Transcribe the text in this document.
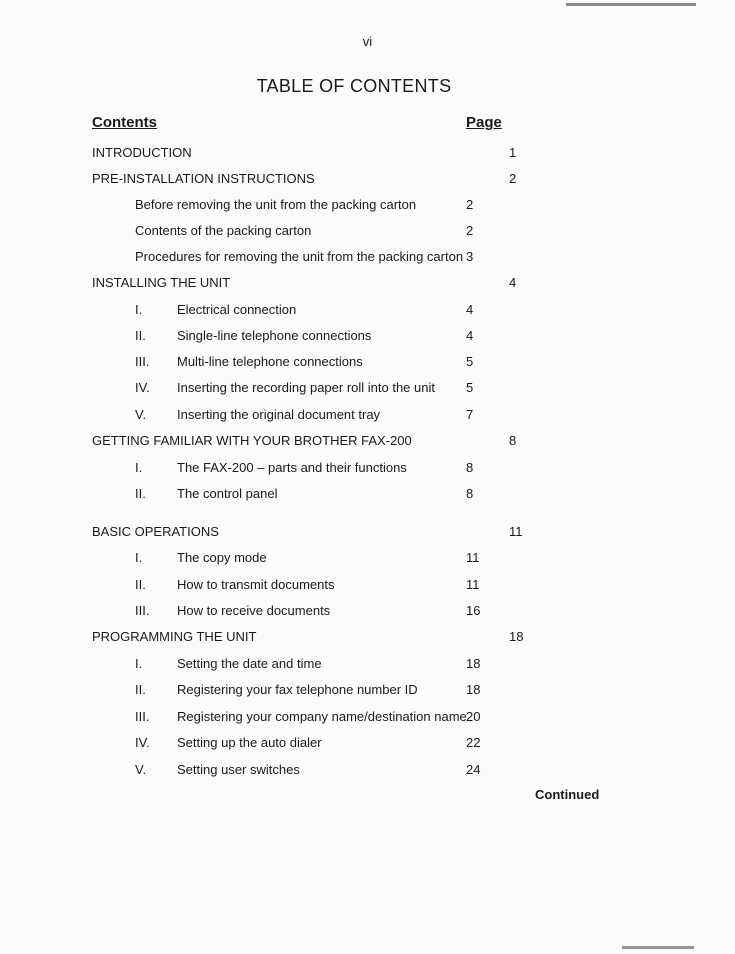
vi
TABLE OF CONTENTS
Contents	Page
INTRODUCTION	1
PRE-INSTALLATION INSTRUCTIONS	2
Before removing the unit from the packing carton	2
Contents of the packing carton	2
Procedures for removing the unit from the packing carton 3
INSTALLING THE UNIT	4
I.	Electrical connection	4
II. Single-line telephone connections	4
III. Multi-line telephone connections	5
IV. Inserting the recording paper roll into the unit 5
V. Inserting the original document tray	7
GETTING FAMILIAR WITH YOUR BROTHER FAX-200	8
I.	The FAX-200 – parts and their functions	8
II. The control panel	8
BASIC OPERATIONS	11
I.	The copy mode	11
II. How to transmit documents	11
III. How to receive documents	16
PROGRAMMING THE UNIT	18
I.	Setting the date and time	18
II. Registering your fax telephone number ID	18
III. Registering your company name/destination name 20
IV. Setting up the auto dialer	22
V. Setting user switches	24
Continued
